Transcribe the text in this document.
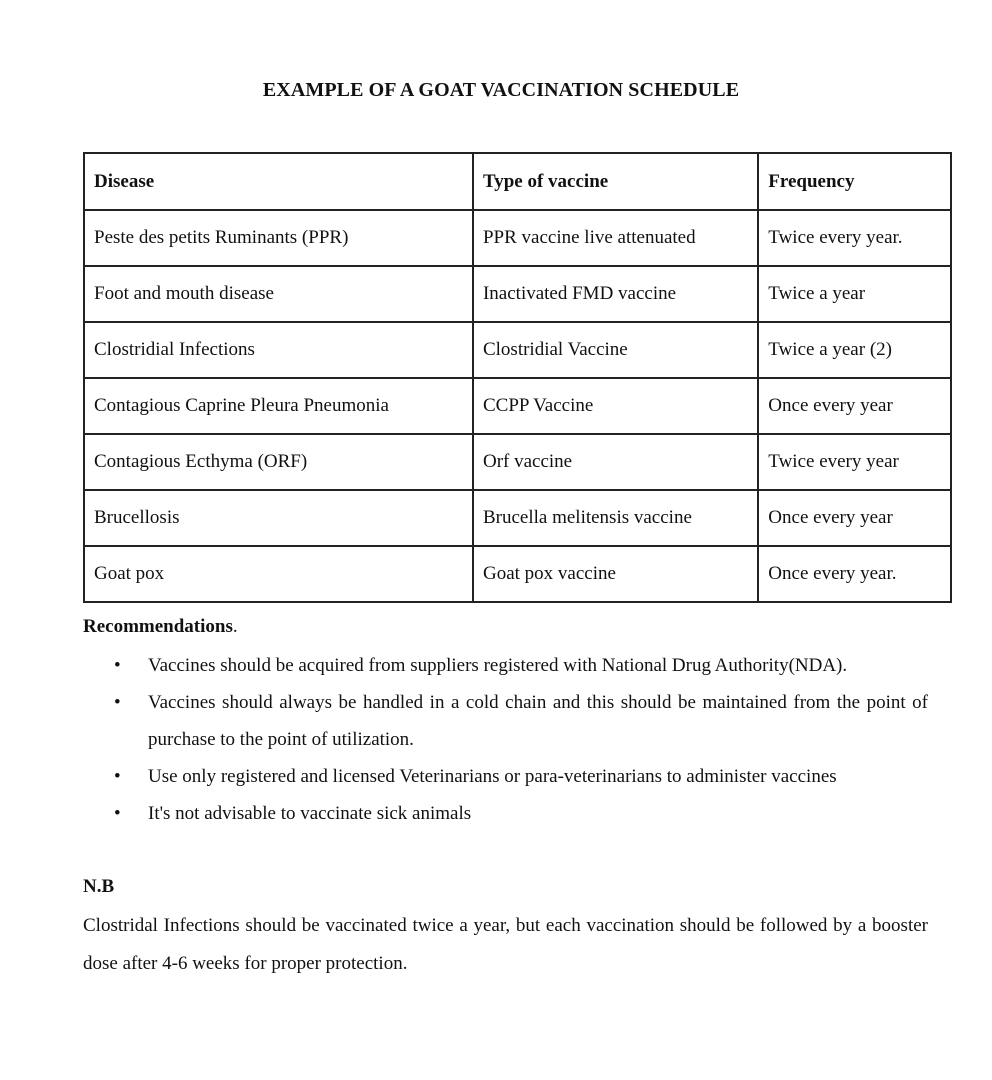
EXAMPLE OF A GOAT VACCINATION SCHEDULE
Disease	Type of vaccine	Frequency
Peste des petits Ruminants (PPR)	PPR vaccine live attenuated	Twice every year.
Foot and mouth disease	Inactivated FMD vaccine	Twice a year
Clostridial Infections	Clostridial Vaccine	Twice a year (2)
Contagious Caprine Pleura Pneumonia	CCPP Vaccine	Once every year
Contagious Ecthyma (ORF)	Orf vaccine	Twice every year
Brucellosis	Brucella melitensis vaccine	Once every year
Goat pox	Goat pox vaccine	Once every year.
Recommendations.
• Vaccines should be acquired from suppliers registered with National Drug Authority(NDA).
• Vaccines should always be handled in a cold chain and this should be maintained from the point of purchase to the point of utilization.
• Use only registered and licensed Veterinarians or para-veterinarians to administer vaccines
• It's not advisable to vaccinate sick animals
N.B
Clostridal Infections should be vaccinated twice a year, but each vaccination should be followed by a booster dose after 4-6 weeks for proper protection.
